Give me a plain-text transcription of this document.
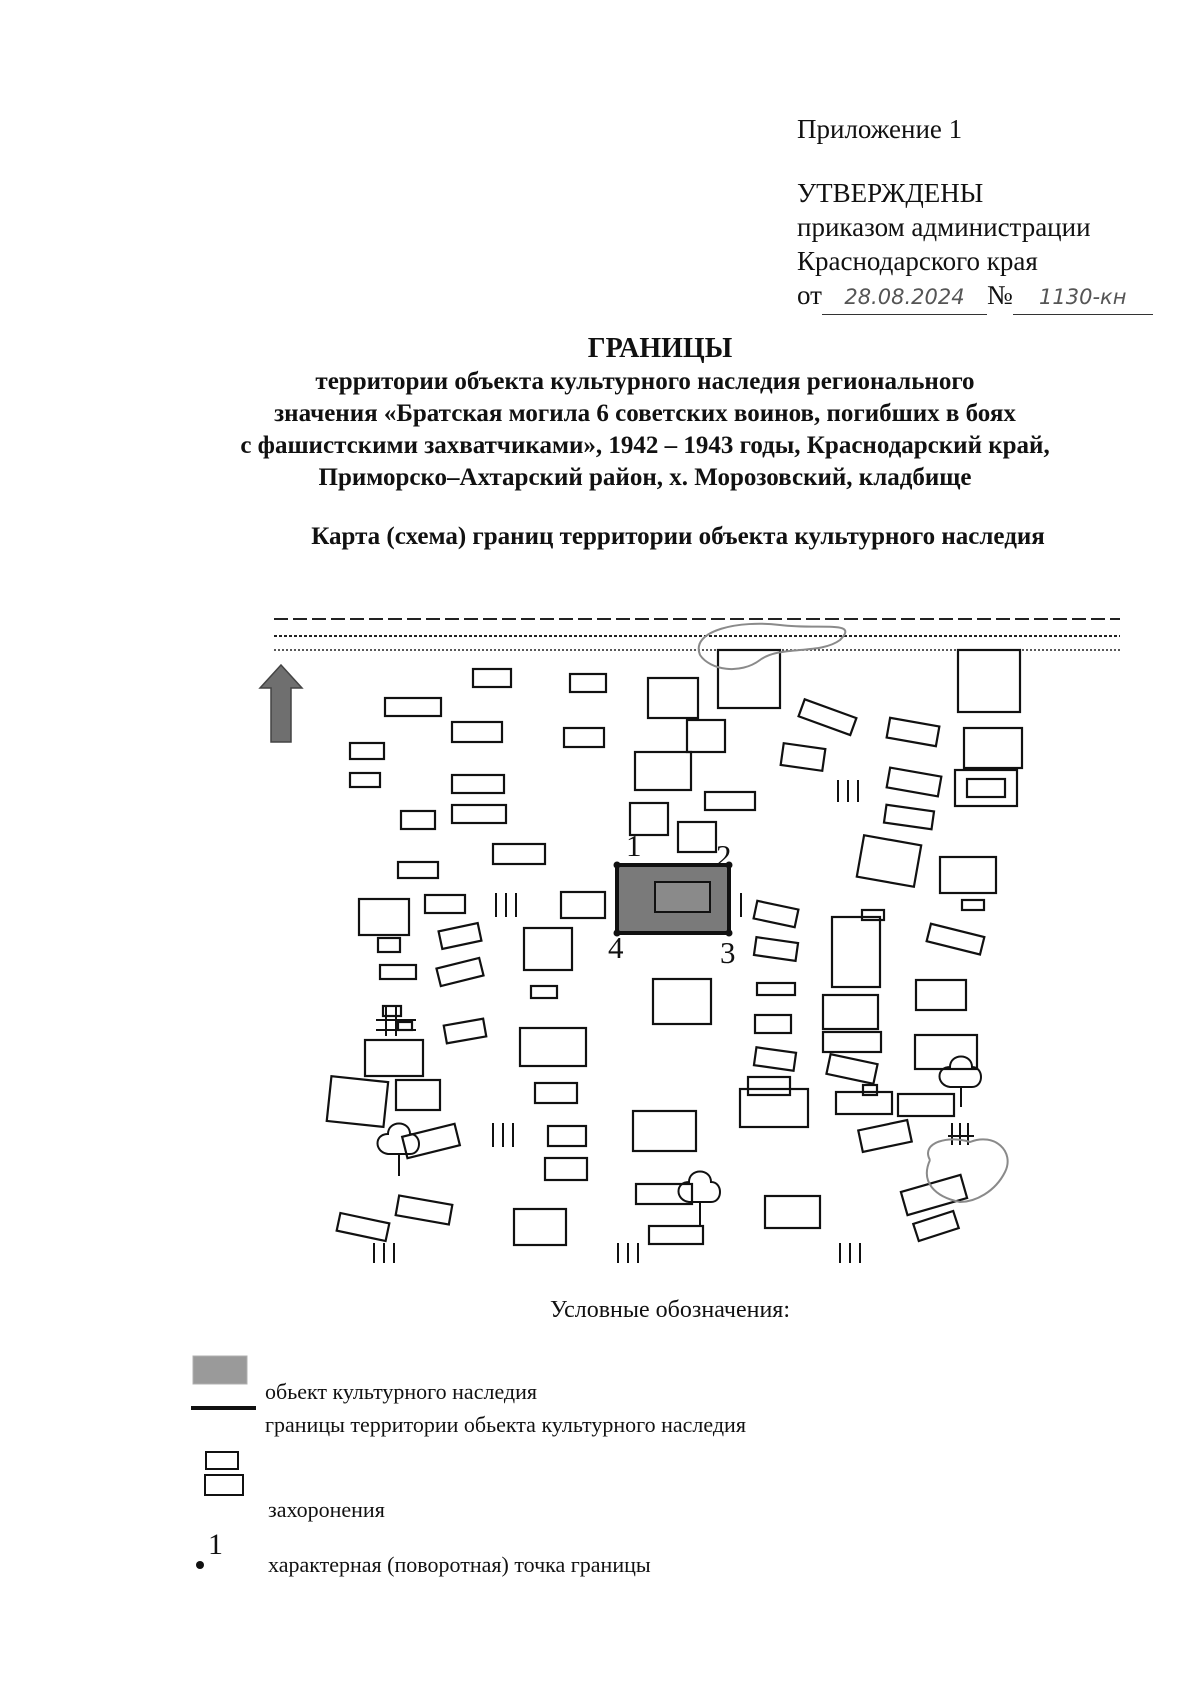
Приложение 1
УТВЕРЖДЕНЫ
приказом администрации
Краснодарского края
от 28.08.2024 № 1130-кн
ГРАНИЦЫ
территории объекта культурного наследия регионального
значения «Братская могила 6 советских воинов, погибших в боях
с фашистскими захватчиками», 1942 – 1943 годы, Краснодарский край,
Приморско–Ахтарский район, х. Морозовский, кладбище
Карта (схема) границ территории объекта культурного наследия
1 2
3
4
Условные обозначения:
обьект культурного наследия
границы территории обьекта культурного наследия
захоронения
1
характерная (поворотная) точка границы
